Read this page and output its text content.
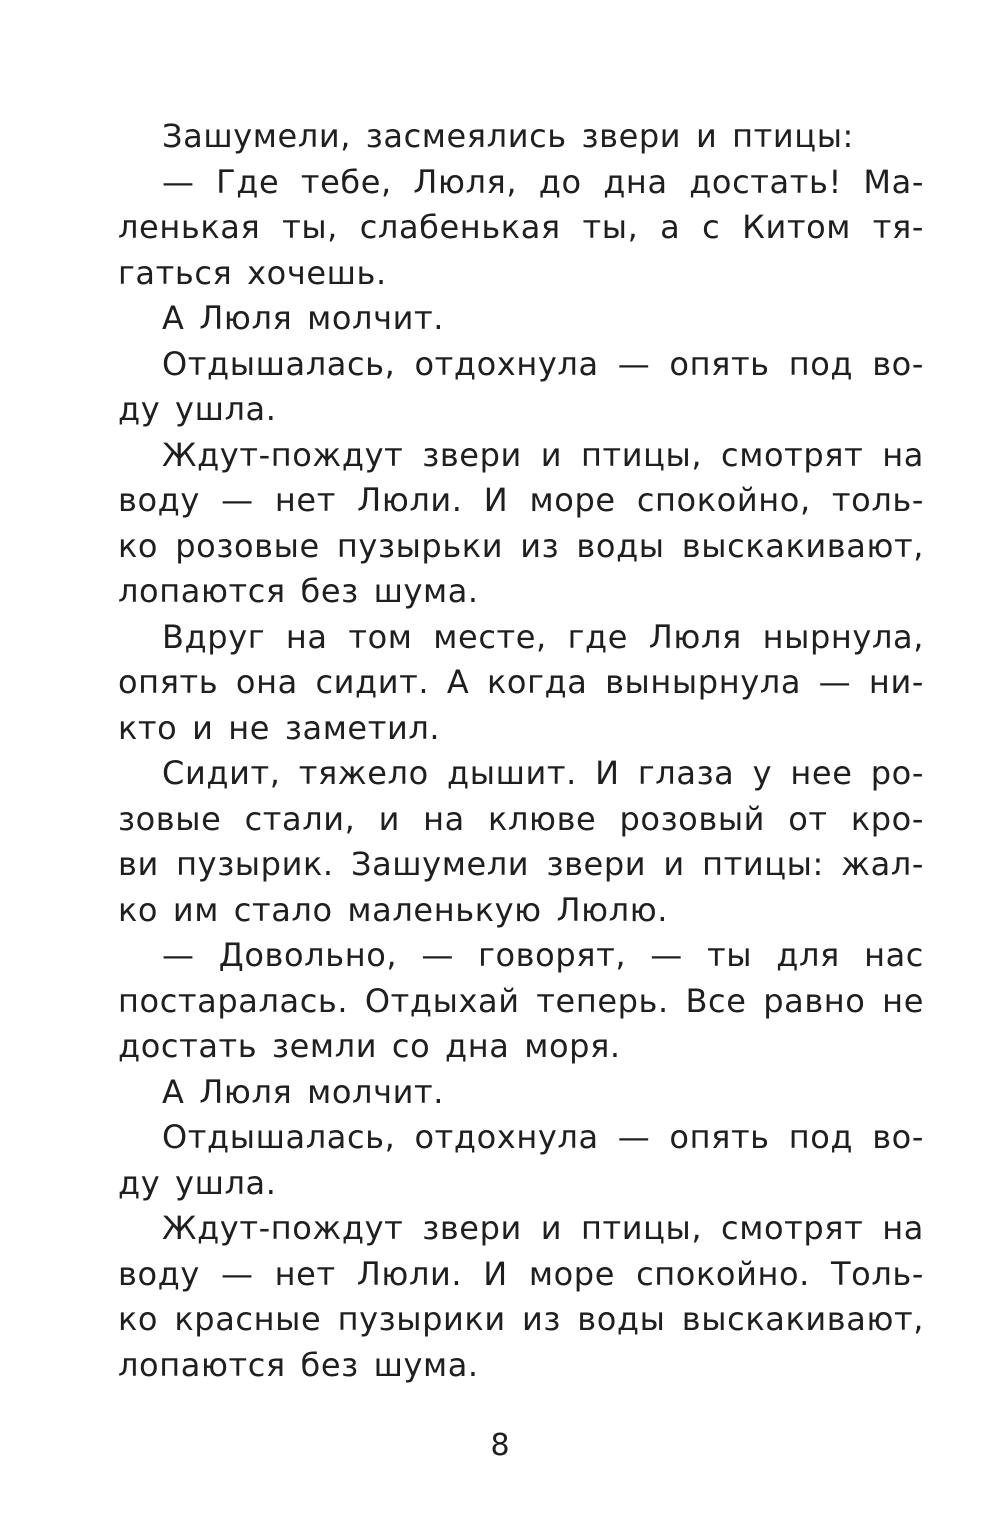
Зашумели, засмеялись звери и птицы:
— Где тебе, Люля, до дна достать! Ма-
ленькая ты, слабенькая ты, а с Китом тя-
гаться хочешь.
А Люля молчит.
Отдышалась, отдохнула — опять под во-
ду ушла.
Ждут-пождут звери и птицы, смотрят на
воду — нет Люли. И море спокойно, толь-
ко розовые пузырьки из воды выскакивают,
лопаются без шума.
Вдруг на том месте, где Люля нырнула,
опять она сидит. А когда вынырнула — ни-
кто и не заметил.
Сидит, тяжело дышит. И глаза у нее ро-
зовые стали, и на клюве розовый от кро-
ви пузырик. Зашумели звери и птицы: жал-
ко им стало маленькую Люлю.
— Довольно, — говорят, — ты для нас
постаралась. Отдыхай теперь. Все равно не
достать земли со дна моря.
А Люля молчит.
Отдышалась, отдохнула — опять под во-
ду ушла.
Ждут-пождут звери и птицы, смотрят на
воду — нет Люли. И море спокойно. Толь-
ко красные пузырики из воды выскакивают,
лопаются без шума.
8
